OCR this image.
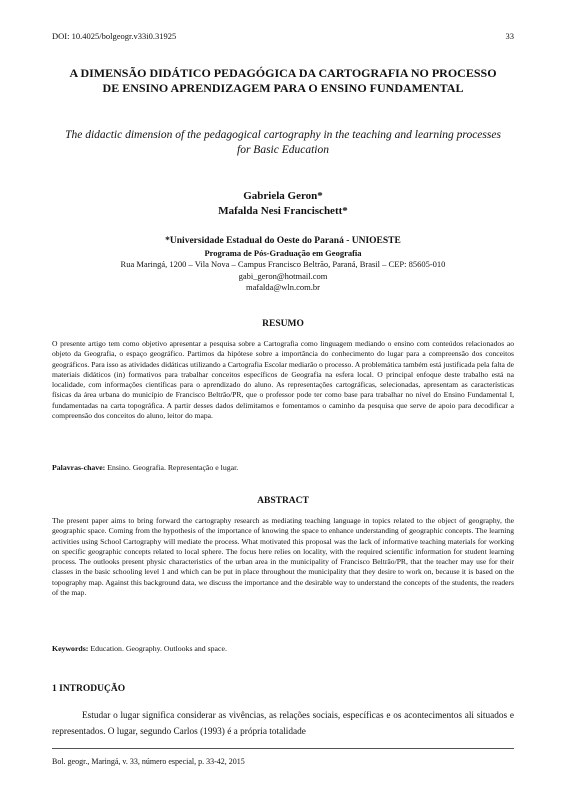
DOI: 10.4025/bolgeogr.v33i0.31925	33
A DIMENSÃO DIDÁTICO PEDAGÓGICA DA CARTOGRAFIA NO PROCESSO DE ENSINO APRENDIZAGEM PARA O ENSINO FUNDAMENTAL
The didactic dimension of the pedagogical cartography in the teaching and learning processes for Basic Education
Gabriela Geron*
Mafalda Nesi Francischett*
*Universidade Estadual do Oeste do Paraná - UNIOESTE
Programa de Pós-Graduação em Geografia
Rua Maringá, 1200 – Vila Nova – Campus Francisco Beltrão, Paraná, Brasil – CEP: 85605-010
gabi_geron@hotmail.com
mafalda@wln.com.br
RESUMO
O presente artigo tem como objetivo apresentar a pesquisa sobre a Cartografia como linguagem mediando o ensino com conteúdos relacionados ao objeto da Geografia, o espaço geográfico. Partimos da hipótese sobre a importância do conhecimento do lugar para a compreensão dos conceitos geográficos. Para isso as atividades didáticas utilizando a Cartografia Escolar mediarão o processo. A problemática também está justificada pela falta de materiais didáticos (in) formativos para trabalhar conceitos específicos de Geografia na esfera local. O principal enfoque deste trabalho está na localidade, com informações científicas para o aprendizado do aluno. As representações cartográficas, selecionadas, apresentam as características físicas da área urbana do município de Francisco Beltrão/PR, que o professor pode ter como base para trabalhar no nível do Ensino Fundamental I, fundamentadas na carta topográfica. A partir desses dados delimitamos e fomentamos o caminho da pesquisa que serve de apoio para decodificar a compreensão dos conceitos do aluno, leitor do mapa.
Palavras-chave: Ensino. Geografia. Representação e lugar.
ABSTRACT
The present paper aims to bring forward the cartography research as mediating teaching language in topics related to the object of geography, the geographic space. Coming from the hypothesis of the importance of knowing the space to enhance understanding of geographic concepts. The learning activities using School Cartography will mediate the process. What motivated this proposal was the lack of informative teaching materials for working on specific geographic concepts related to local sphere. The focus here relies on locality, with the required scientific information for student learning process. The outlooks present physic characteristics of the urban area in the municipality of Francisco Beltrão/PR, that the teacher may use for their classes in the basic schooling level 1 and which can be put in place throughout the municipality that they desire to work on, because it is based on the topography map. Against this background data, we discuss the importance and the desirable way to understand the concepts of the students, the readers of the map.
Keywords: Education. Geography. Outlooks and space.
1 INTRODUÇÃO
Estudar o lugar significa considerar as vivências, as relações sociais, específicas e os acontecimentos ali situados e representados. O lugar, segundo Carlos (1993) é a própria totalidade
Bol. geogr., Maringá, v. 33, número especial, p. 33-42, 2015
